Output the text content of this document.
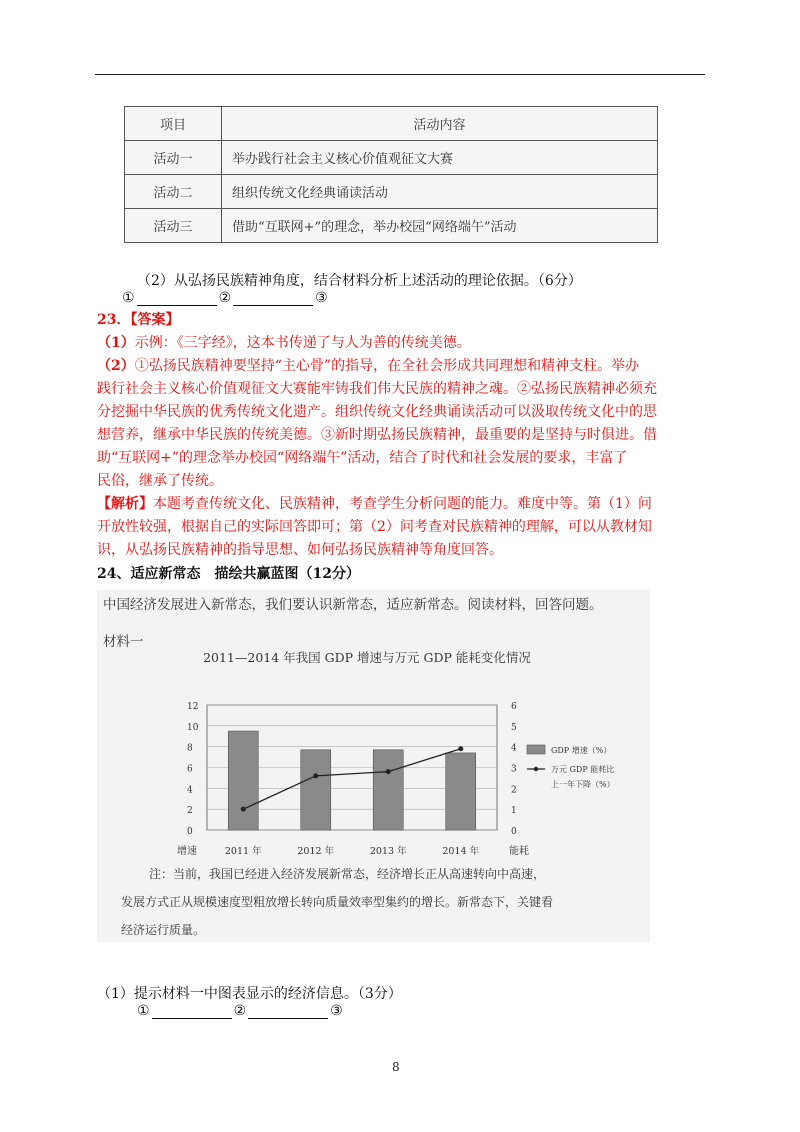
项目	活动内容
活动一	举办践行社会主义核心价值观征文大赛
活动二	组织传统文化经典诵读活动
活动三	借助“互联网+”的理念，举办校园“网络端午”活动
（2）从弘扬民族精神角度，结合材料分析上述活动的理论依据。（6分）
①	②	③
23．【答案】
（1）示例：《三字经》，这本书传递了与人为善的传统美德。
（2）①弘扬民族精神要坚持“主心骨”的指导，在全社会形成共同理想和精神支柱。举办
践行社会主义核心价值观征文大赛能牢铸我们伟大民族的精神之魂。②弘扬民族精神必须充
分挖掘中华民族的优秀传统文化遗产。组织传统文化经典诵读活动可以汲取传统文化中的思
想营养，继承中华民族的传统美德。③新时期弘扬民族精神，最重要的是坚持与时俱进。借
助“互联网+”的理念举办校园“网络端午”活动，结合了时代和社会发展的要求，丰富了
民俗，继承了传统。
【解析】本题考查传统文化、民族精神，考查学生分析问题的能力。难度中等。第（1）问
开放性较强，根据自己的实际回答即可；第（2）问考查对民族精神的理解，可以从教材知
识，从弘扬民族精神的指导思想、如何弘扬民族精神等角度回答。
24、适应新常态　描绘共赢蓝图（12分）
中国经济发展进入新常态，我们要认识新常态，适应新常态。阅读材料，回答问题。
材料一
2011—2014 年我国 GDP 增速与万元 GDP 能耗变化情况
0
2
4
6
8
10
12
0
1
2
3
4
5
6
增速	能耗
2011 年	2012 年	2013 年	2014 年
GDP 增速（%）
万元 GDP 能耗比
上一年下降（%）
注：当前，我国已经进入经济发展新常态，经济增长正从高速转向中高速，
发展方式正从规模速度型粗放增长转向质量效率型集约的增长。新常态下，关键看
经济运行质量。
（1）提示材料一中图表显示的经济信息。（3分）
①	②	③
8
